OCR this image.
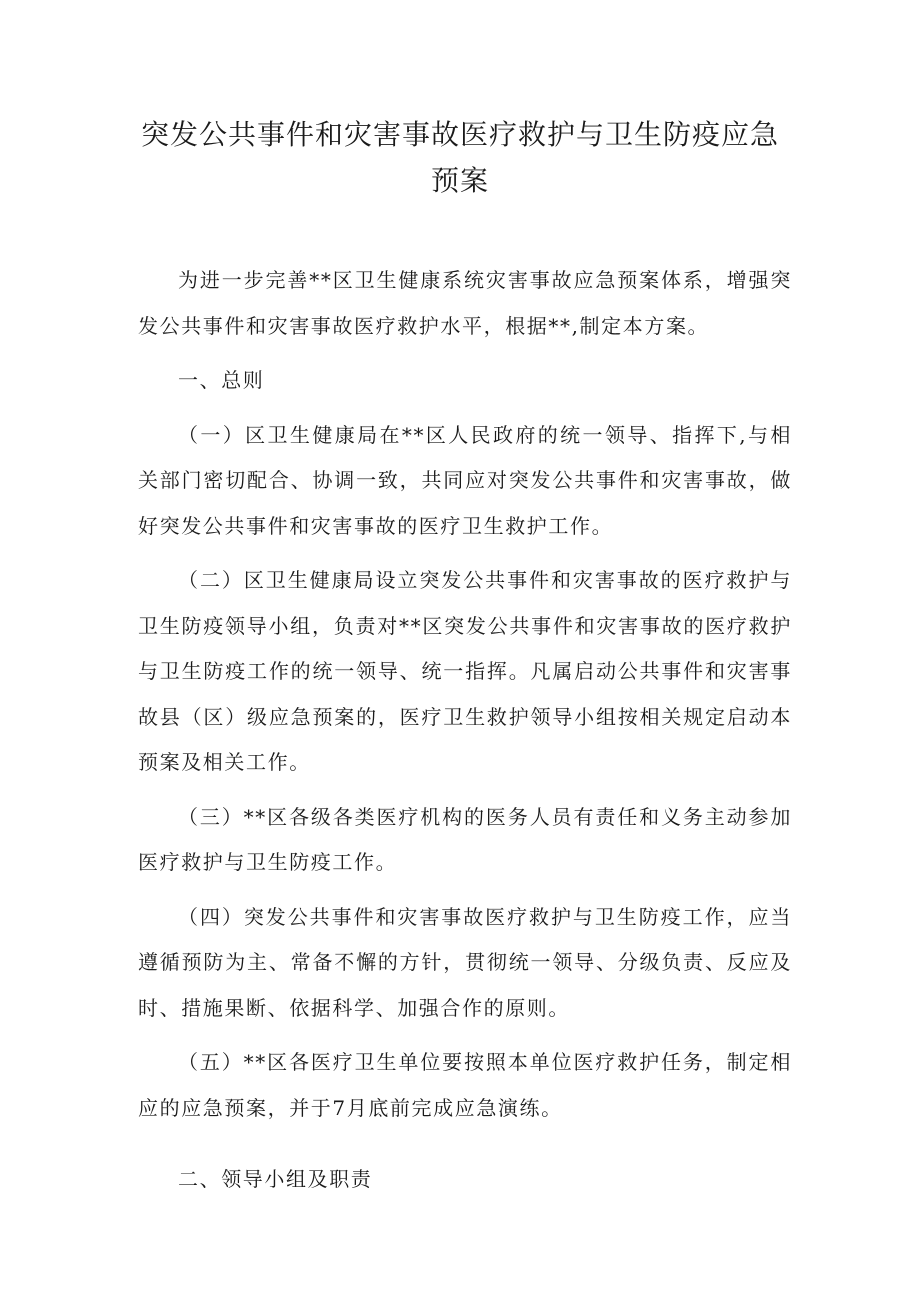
突发公共事件和灾害事故医疗救护与卫生防疫应急
预案

为进一步完善**区卫生健康系统灾害事故应急预案体系，增强突发公共事件和灾害事故医疗救护水平，根据**,制定本方案。

一、总则

（一）区卫生健康局在**区人民政府的统一领导、指挥下,与相关部门密切配合、协调一致，共同应对突发公共事件和灾害事故，做好突发公共事件和灾害事故的医疗卫生救护工作。

（二）区卫生健康局设立突发公共事件和灾害事故的医疗救护与卫生防疫领导小组，负责对**区突发公共事件和灾害事故的医疗救护与卫生防疫工作的统一领导、统一指挥。凡属启动公共事件和灾害事故县（区）级应急预案的，医疗卫生救护领导小组按相关规定启动本预案及相关工作。

（三）**区各级各类医疗机构的医务人员有责任和义务主动参加医疗救护与卫生防疫工作。

（四）突发公共事件和灾害事故医疗救护与卫生防疫工作，应当遵循预防为主、常备不懈的方针，贯彻统一领导、分级负责、反应及时、措施果断、依据科学、加强合作的原则。

（五）**区各医疗卫生单位要按照本单位医疗救护任务，制定相应的应急预案，并于7月底前完成应急演练。

二、领导小组及职责
